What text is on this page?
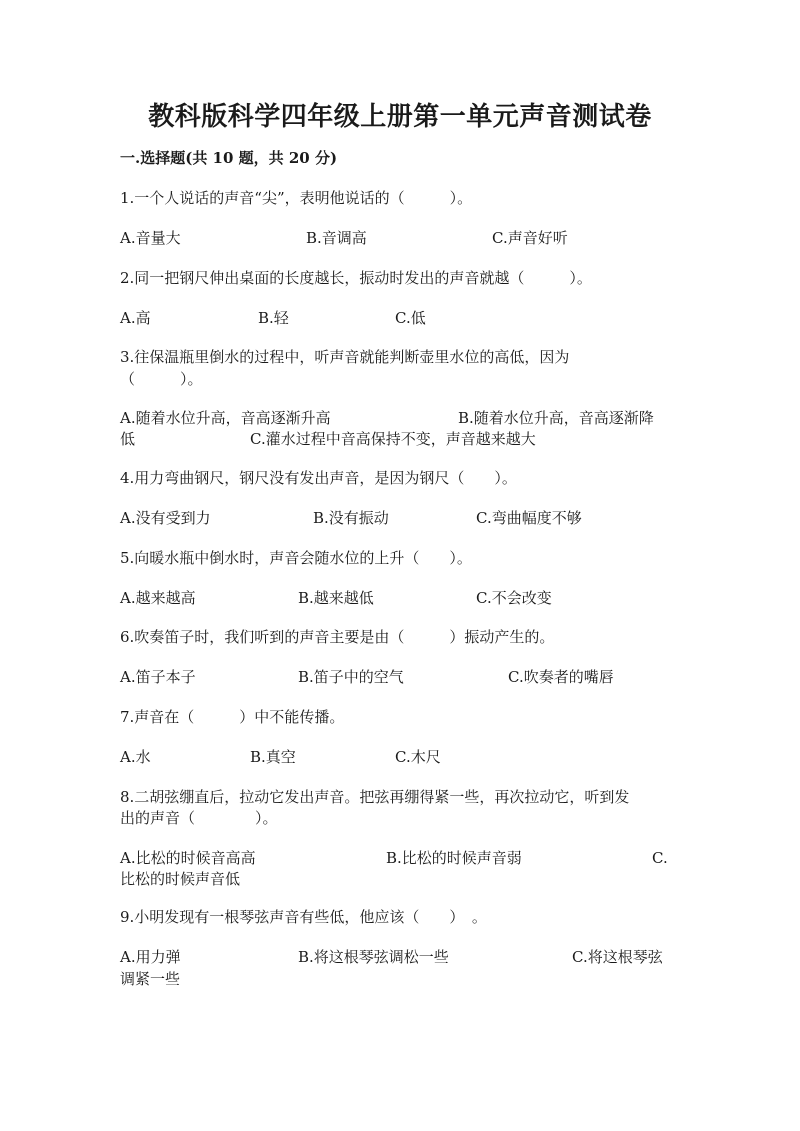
教科版科学四年级上册第一单元声音测试卷
一.选择题(共 10 题，共 20 分)
1.一个人说话的声音“尖”，表明他说话的（　　　）。
A.音量大	B.音调高	C.声音好听
2.同一把钢尺伸出桌面的长度越长，振动时发出的声音就越（　　　）。
A.高	B.轻	C.低
3.往保温瓶里倒水的过程中，听声音就能判断壶里水位的高低，因为
（　　　）。
A.随着水位升高，音高逐渐升高	B.随着水位升高，音高逐渐降
低	C.灌水过程中音高保持不变，声音越来越大
4.用力弯曲钢尺，钢尺没有发出声音，是因为钢尺（　　）。
A.没有受到力	B.没有振动	C.弯曲幅度不够
5.向暖水瓶中倒水时，声音会随水位的上升（　　）。
A.越来越高	B.越来越低	C.不会改变
6.吹奏笛子时，我们听到的声音主要是由（　　　）振动产生的。
A.笛子本子	B.笛子中的空气	C.吹奏者的嘴唇
7.声音在（　　　）中不能传播。
A.水	B.真空	C.木尺
8.二胡弦绷直后，拉动它发出声音。把弦再绷得紧一些，再次拉动它，听到发
出的声音（　　　　）。
A.比松的时候音高高	B.比松的时候声音弱	C.
比松的时候声音低
9.小明发现有一根琴弦声音有些低，他应该（　　）　。
A.用力弹	B.将这根琴弦调松一些	C.将这根琴弦
调紧一些
